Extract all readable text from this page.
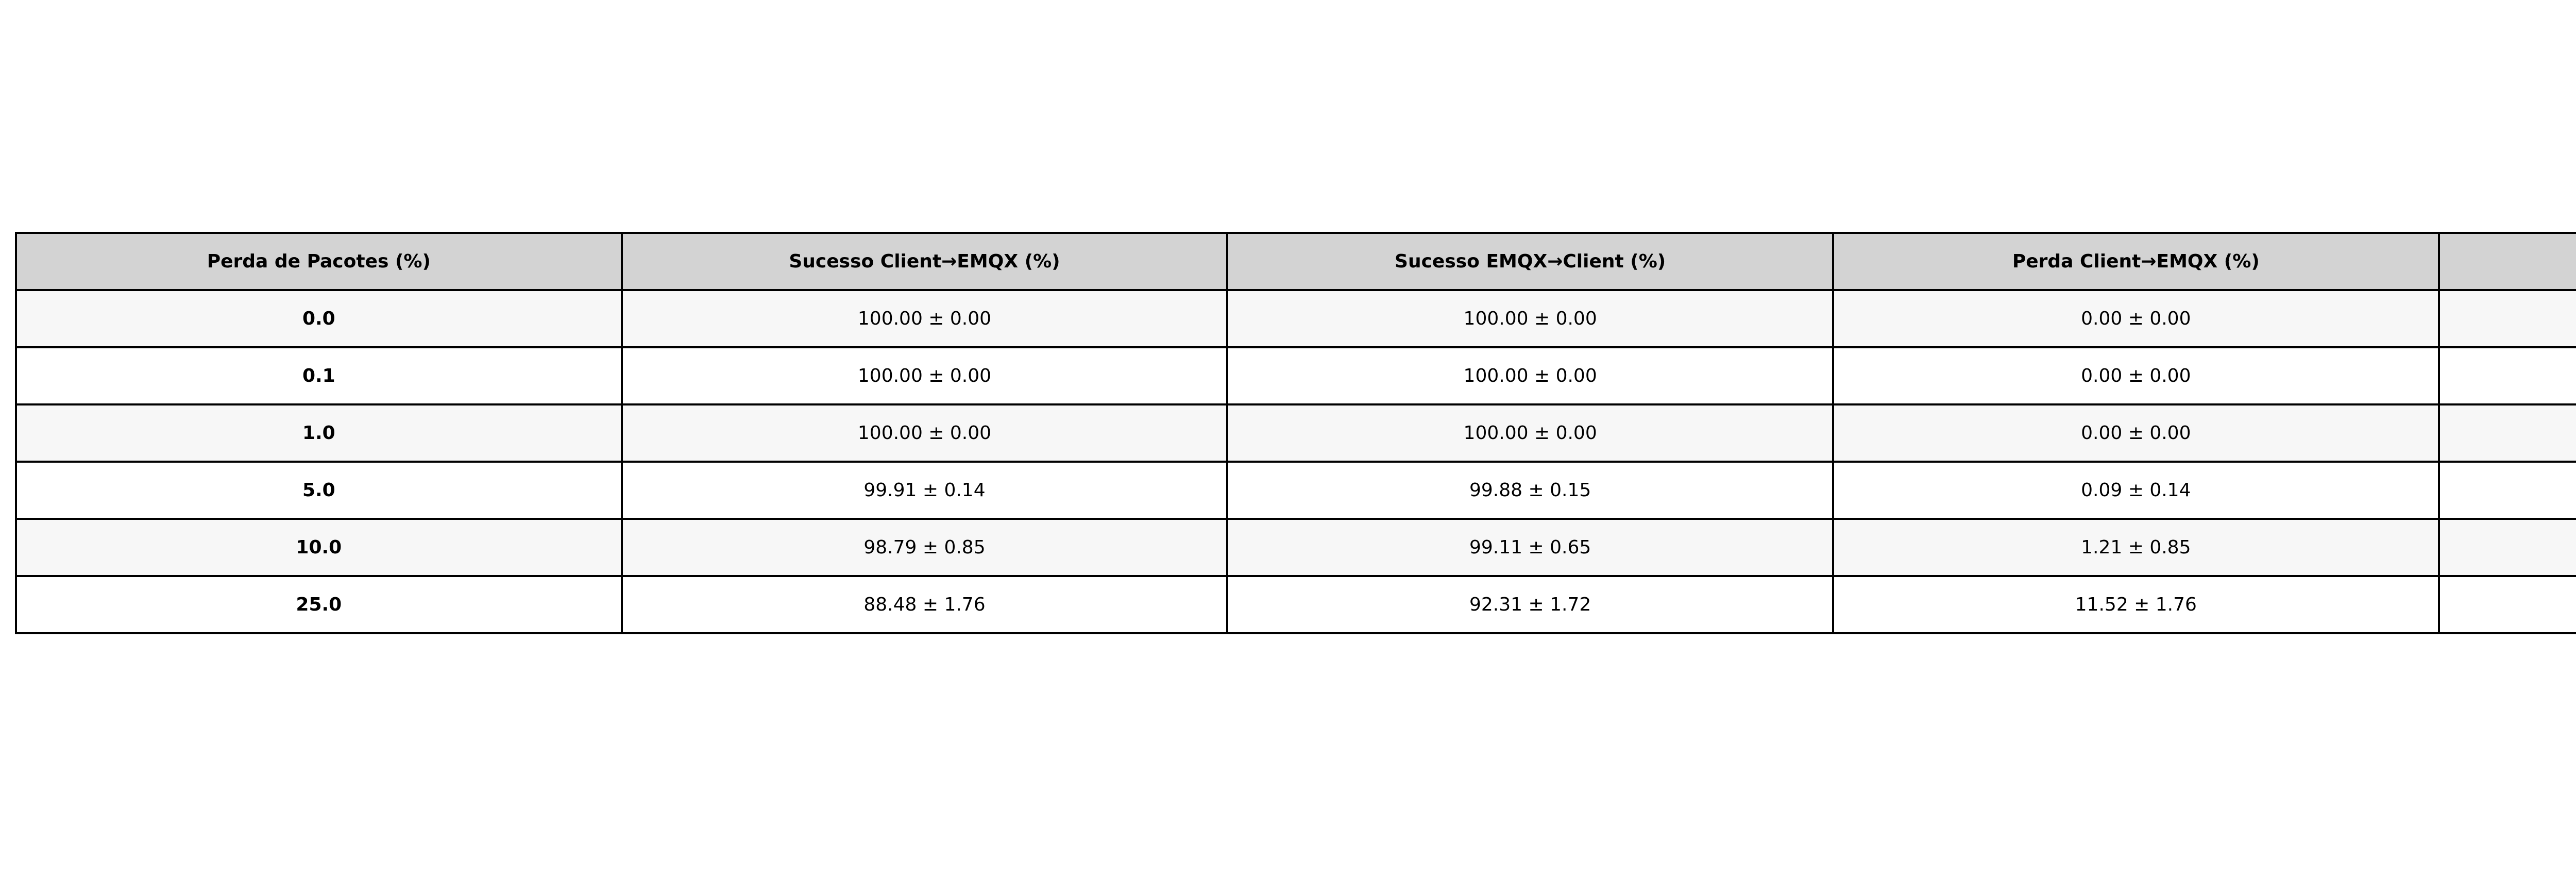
Perda de Pacotes (%)	Sucesso Client→EMQX (%)	Sucesso EMQX→Client (%)	Perda Client→EMQX (%)		
0.0	100.00 ± 0.00	100.00 ± 0.00	0.00 ± 0.00		
0.1	100.00 ± 0.00	100.00 ± 0.00	0.00 ± 0.00		
1.0	100.00 ± 0.00	100.00 ± 0.00	0.00 ± 0.00		
5.0	99.91 ± 0.14	99.88 ± 0.15	0.09 ± 0.14		
10.0	98.79 ± 0.85	99.11 ± 0.65	1.21 ± 0.85		
25.0	88.48 ± 1.76	92.31 ± 1.72	11.52 ± 1.76		
